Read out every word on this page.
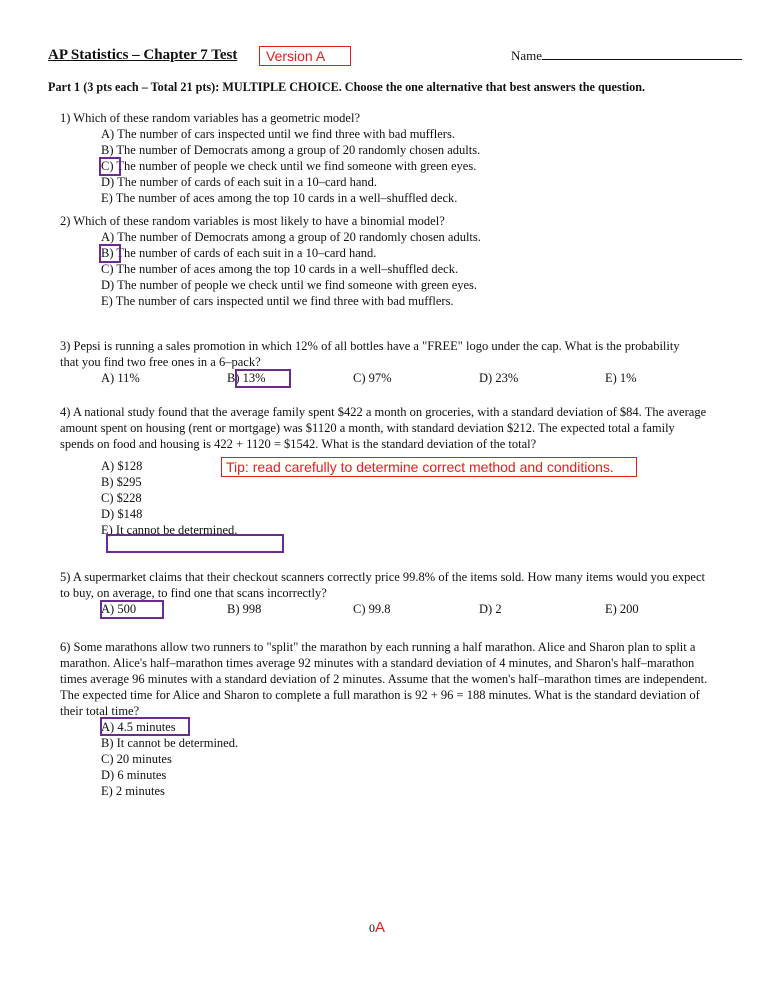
AP Statistics – Chapter 7 Test	Version A	Name
Part 1 (3 pts each – Total 21 pts): MULTIPLE CHOICE. Choose the one alternative that best answers the question.

1) Which of these random variables has a geometric model?

A) The number of cars inspected until we find three with bad mufflers.

B) The number of Democrats among a group of 20 randomly chosen adults.

C) The number of people we check until we find someone with green eyes.

D) The number of cards of each suit in a 10–card hand.

E) The number of aces among the top 10 cards in a well–shuffled deck.

2) Which of these random variables is most likely to have a binomial model?

A) The number of Democrats among a group of 20 randomly chosen adults.

B) The number of cards of each suit in a 10–card hand.

C) The number of aces among the top 10 cards in a well–shuffled deck.

D) The number of people we check until we find someone with green eyes.

E) The number of cars inspected until we find three with bad mufflers.

3) Pepsi is running a sales promotion in which 12% of all bottles have a "FREE" logo under the cap. What is the probability that you find two free ones in a 6–pack?

A) 11%	B) 13%	C) 97%	D) 23%	E) 1%

4) A national study found that the average family spent $422 a month on groceries, with a standard deviation of $84. The average amount spent on housing (rent or mortgage) was $1120 a month, with standard deviation $212. The expected total a family spends on food and housing is 422 + 1120 = $1542. What is the standard deviation of the total?

A) $128

B) $295

C) $228

D) $148

E) It cannot be determined.

Tip: read carefully to determine correct method and conditions.

5) A supermarket claims that their checkout scanners correctly price 99.8% of the items sold. How many items would you expect to buy, on average, to find one that scans incorrectly?

A) 500	B) 998	C) 99.8	D) 2	E) 200

6) Some marathons allow two runners to "split" the marathon by each running a half marathon. Alice and Sharon plan to split a marathon. Alice's half–marathon times average 92 minutes with a standard deviation of 4 minutes, and Sharon's half–marathon times average 96 minutes with a standard deviation of 2 minutes. Assume that the women's half–marathon times are independent. The expected time for Alice and Sharon to complete a full marathon is 92 + 96 = 188 minutes. What is the standard deviation of their total time?

A) 4.5 minutes

B) It cannot be determined.

C) 20 minutes

D) 6 minutes

E) 2 minutes

0A
